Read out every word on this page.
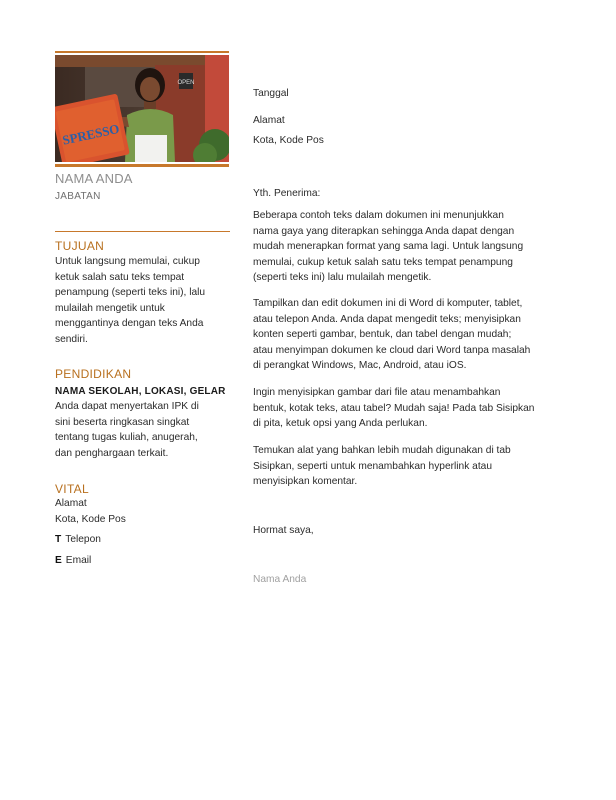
OPEN
SPRESSO
NAMA ANDA
JABATAN
TUJUAN
Untuk langsung memulai, cukup
ketuk salah satu teks tempat
penampung (seperti teks ini), lalu
mulailah mengetik untuk
menggantinya dengan teks Anda
sendiri.
PENDIDIKAN
NAMA SEKOLAH, LOKASI, GELAR
Anda dapat menyertakan IPK di
sini beserta ringkasan singkat
tentang tugas kuliah, anugerah,
dan penghargaan terkait.
VITAL
Alamat
Kota, Kode Pos
T Telepon
E Email
Tanggal
Alamat
Kota, Kode Pos
Yth. Penerima:
Beberapa contoh teks dalam dokumen ini menunjukkan
nama gaya yang diterapkan sehingga Anda dapat dengan
mudah menerapkan format yang sama lagi. Untuk langsung
memulai, cukup ketuk salah satu teks tempat penampung
(seperti teks ini) lalu mulailah mengetik.
Tampilkan dan edit dokumen ini di Word di komputer, tablet,
atau telepon Anda. Anda dapat mengedit teks; menyisipkan
konten seperti gambar, bentuk, dan tabel dengan mudah;
atau menyimpan dokumen ke cloud dari Word tanpa masalah
di perangkat Windows, Mac, Android, atau iOS.
Ingin menyisipkan gambar dari file atau menambahkan
bentuk, kotak teks, atau tabel? Mudah saja! Pada tab Sisipkan
di pita, ketuk opsi yang Anda perlukan.
Temukan alat yang bahkan lebih mudah digunakan di tab
Sisipkan, seperti untuk menambahkan hyperlink atau
menyisipkan komentar.
Hormat saya,
Nama Anda
